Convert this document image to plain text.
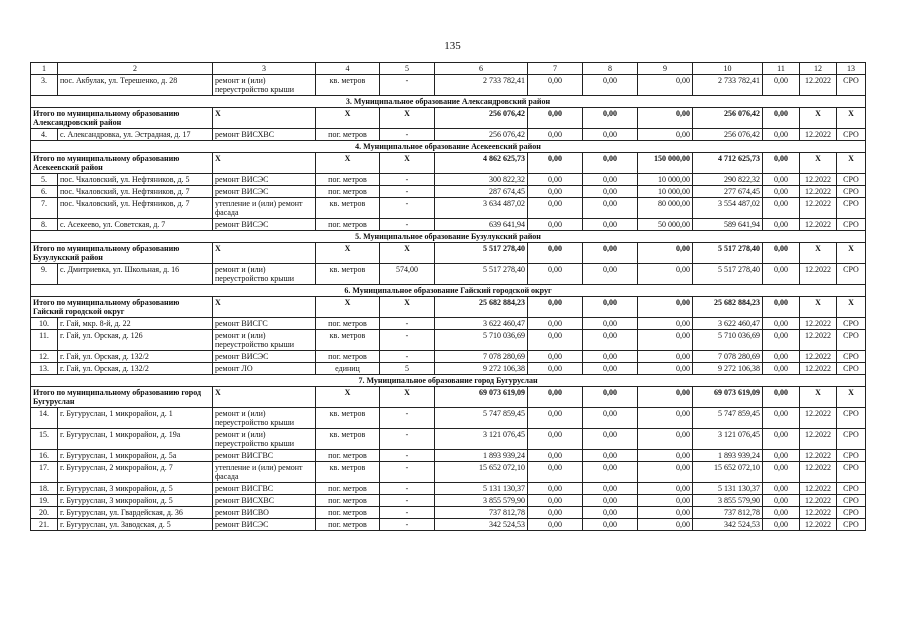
135
1	2	3	4	5	6	7	8	9	10	11	12	13
3.	пос. Акбулак, ул. Терешенко, д. 28	ремонт и (или) переустройство крыши	кв. метров	-	2 733 782,41	0,00	0,00	0,00	2 733 782,41	0,00	12.2022	СРО
3. Муниципальное образование Александровский район												
Итого по муниципальному образованию Александровский район		X	X	X	256 076,42	0,00	0,00	0,00	256 076,42	0,00	X	X
4.	с. Александровка, ул. Эстрадная, д. 17	ремонт ВИСХВС	пог. метров	-	256 076,42	0,00	0,00	0,00	256 076,42	0,00	12.2022	СРО
4. Муниципальное образование Асекеевский район												
Итого по муниципальному образованию Асекеевский район		X	X	X	4 862 625,73	0,00	0,00	150 000,00	4 712 625,73	0,00	X	X
5.	пос. Чкаловский, ул. Нефтяников, д. 5	ремонт ВИСЭС	пог. метров	-	300 822,32	0,00	0,00	10 000,00	290 822,32	0,00	12.2022	СРО
6.	пос. Чкаловский, ул. Нефтяников, д. 7	ремонт ВИСЭС	пог. метров	-	287 674,45	0,00	0,00	10 000,00	277 674,45	0,00	12.2022	СРО
7.	пос. Чкаловский, ул. Нефтяников, д. 7	утепление и (или) ремонт фасада	кв. метров	-	3 634 487,02	0,00	0,00	80 000,00	3 554 487,02	0,00	12.2022	СРО
8.	с. Асекеево, ул. Советская, д. 7	ремонт ВИСЭС	пог. метров	-	639 641,94	0,00	0,00	50 000,00	589 641,94	0,00	12.2022	СРО
5. Муниципальное образование Бузулукский район												
Итого по муниципальному образованию Бузулукский район		X	X	X	5 517 278,40	0,00	0,00	0,00	5 517 278,40	0,00	X	X
9.	с. Дмитриевка, ул. Школьная, д. 16	ремонт и (или) переустройство крыши	кв. метров	574,00	5 517 278,40	0,00	0,00	0,00	5 517 278,40	0,00	12.2022	СРО
6. Муниципальное образование Гайский городской округ												
Итого по муниципальному образованию Гайский городской округ		X	X	X	25 682 884,23	0,00	0,00	0,00	25 682 884,23	0,00	X	X
10.	г. Гай, мкр. 8-й, д. 22	ремонт ВИСГС	пог. метров	-	3 622 460,47	0,00	0,00	0,00	3 622 460,47	0,00	12.2022	СРО
11.	г. Гай, ул. Орская, д. 126	ремонт и (или) переустройство крыши	кв. метров	-	5 710 036,69	0,00	0,00	0,00	5 710 036,69	0,00	12.2022	СРО
12.	г. Гай, ул. Орская, д. 132/2	ремонт ВИСЭС	пог. метров	-	7 078 280,69	0,00	0,00	0,00	7 078 280,69	0,00	12.2022	СРО
13.	г. Гай, ул. Орская, д. 132/2	ремонт ЛО	единиц	5	9 272 106,38	0,00	0,00	0,00	9 272 106,38	0,00	12.2022	СРО
7. Муниципальное образование город Бугуруслан												
Итого по муниципальному образованию город Бугуруслан		X	X	X	69 073 619,09	0,00	0,00	0,00	69 073 619,09	0,00	X	X
14.	г. Бугуруслан, 1 микрорайон, д. 1	ремонт и (или) переустройство крыши	кв. метров	-	5 747 859,45	0,00	0,00	0,00	5 747 859,45	0,00	12.2022	СРО
15.	г. Бугуруслан, 1 микрорайон, д. 19а	ремонт и (или) переустройство крыши	кв. метров	-	3 121 076,45	0,00	0,00	0,00	3 121 076,45	0,00	12.2022	СРО
16.	г. Бугуруслан, 1 микрорайон, д. 5а	ремонт ВИСГВС	пог. метров	-	1 893 939,24	0,00	0,00	0,00	1 893 939,24	0,00	12.2022	СРО
17.	г. Бугуруслан, 2 микрорайон, д. 7	утепление и (или) ремонт фасада	кв. метров	-	15 652 072,10	0,00	0,00	0,00	15 652 072,10	0,00	12.2022	СРО
18.	г. Бугуруслан, 3 микрорайон, д. 5	ремонт ВИСГВС	пог. метров	-	5 131 130,37	0,00	0,00	0,00	5 131 130,37	0,00	12.2022	СРО
19.	г. Бугуруслан, 3 микрорайон, д. 5	ремонт ВИСХВС	пог. метров	-	3 855 579,90	0,00	0,00	0,00	3 855 579,90	0,00	12.2022	СРО
20.	г. Бугуруслан, ул. Гвардейская, д. 36	ремонт ВИСВО	пог. метров	-	737 812,78	0,00	0,00	0,00	737 812,78	0,00	12.2022	СРО
21.	г. Бугуруслан, ул. Заводская, д. 5	ремонт ВИСЭС	пог. метров	-	342 524,53	0,00	0,00	0,00	342 524,53	0,00	12.2022	СРО
